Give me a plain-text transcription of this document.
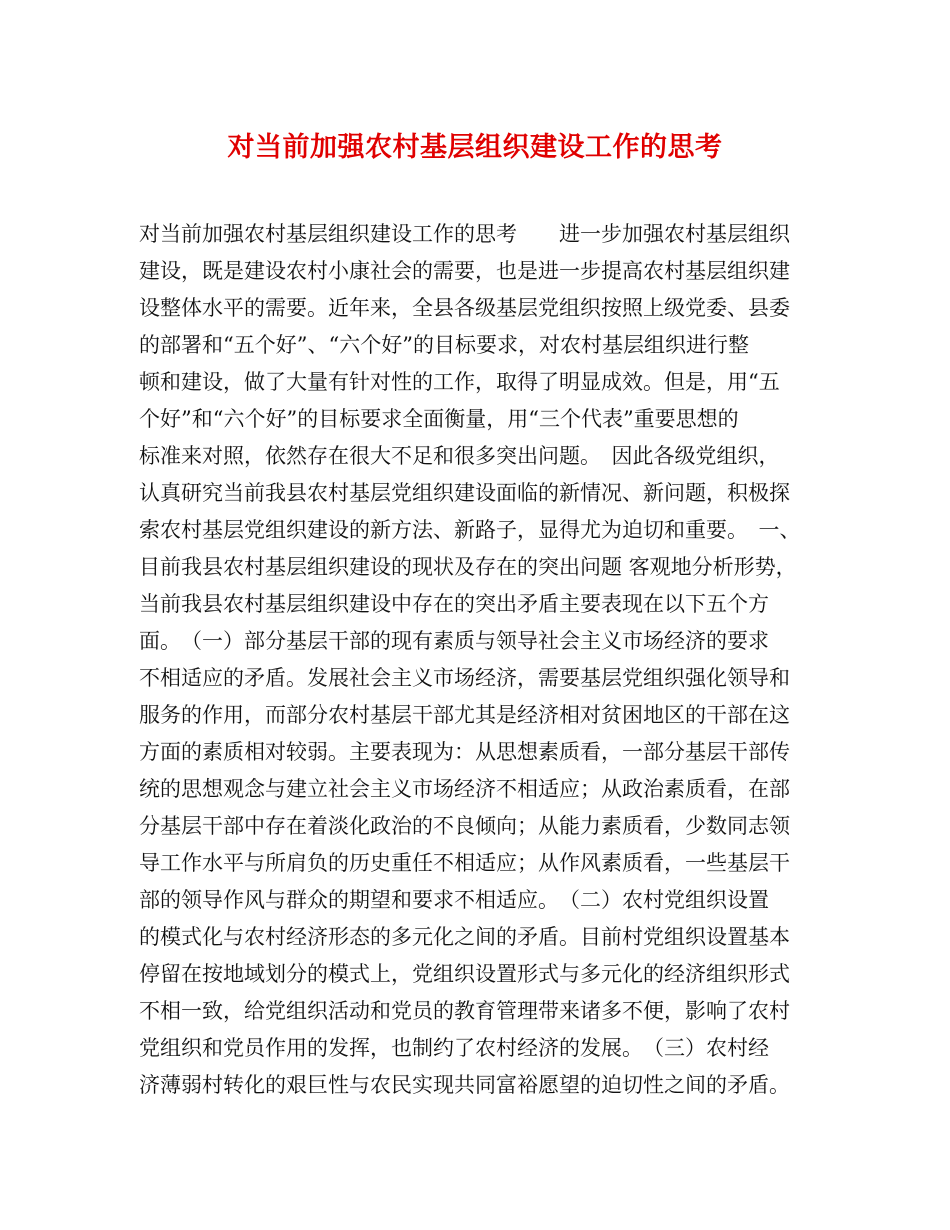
对当前加强农村基层组织建设工作的思考
对当前加强农村基层组织建设工作的思考　　进一步加强农村基层组织
建设，既是建设农村小康社会的需要，也是进一步提高农村基层组织建
设整体水平的需要。近年来，全县各级基层党组织按照上级党委、县委
的部署和“五个好”、“六个好”的目标要求，对农村基层组织进行整
顿和建设，做了大量有针对性的工作，取得了明显成效。但是，用“五
个好”和“六个好”的目标要求全面衡量，用“三个代表”重要思想的
标准来对照，依然存在很大不足和很多突出问题。　因此各级党组织，
认真研究当前我县农村基层党组织建设面临的新情况、新问题，积极探
索农村基层党组织建设的新方法、新路子，显得尤为迫切和重要。　一、
目前我县农村基层组织建设的现状及存在的突出问题 客观地分析形势，
当前我县农村基层组织建设中存在的突出矛盾主要表现在以下五个方
面。　（一）部分基层干部的现有素质与领导社会主义市场经济的要求
不相适应的矛盾。发展社会主义市场经济，需要基层党组织强化领导和
服务的作用，而部分农村基层干部尤其是经济相对贫困地区的干部在这
方面的素质相对较弱。主要表现为：从思想素质看，一部分基层干部传
统的思想观念与建立社会主义市场经济不相适应；从政治素质看，在部
分基层干部中存在着淡化政治的不良倾向；从能力素质看，少数同志领
导工作水平与所肩负的历史重任不相适应；从作风素质看，一些基层干
部的领导作风与群众的期望和要求不相适应。　（二）农村党组织设置
的模式化与农村经济形态的多元化之间的矛盾。目前村党组织设置基本
停留在按地域划分的模式上，党组织设置形式与多元化的经济组织形式
不相一致，给党组织活动和党员的教育管理带来诸多不便，影响了农村
党组织和党员作用的发挥，也制约了农村经济的发展。　（三）农村经
济薄弱村转化的艰巨性与农民实现共同富裕愿望的迫切性之间的矛盾。
